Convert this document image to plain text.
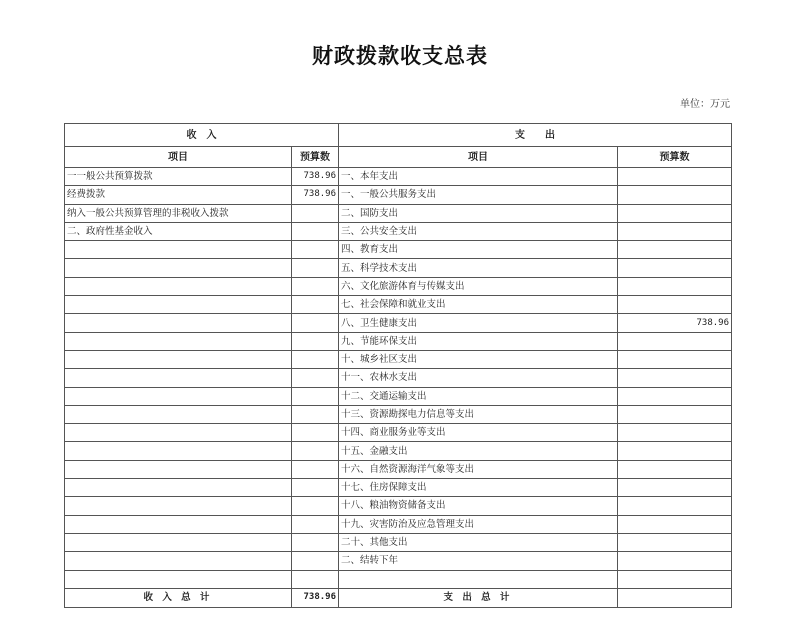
财政拨款收支总表
单位：万元
收　入		支　　出	
项目	预算数	项目	预算数
一一般公共预算拨款	738.96	一、本年支出	
经费拨款	738.96	一、一般公共服务支出	
纳入一般公共预算管理的非税收入拨款		二、国防支出	
二、政府性基金收入		三、公共安全支出	
		四、教育支出	
		五、科学技术支出	
		六、文化旅游体育与传媒支出	
		七、社会保障和就业支出	
		八、卫生健康支出	738.96
		九、节能环保支出	
		十、城乡社区支出	
		十一、农林水支出	
		十二、交通运输支出	
		十三、资源勘探电力信息等支出	
		十四、商业服务业等支出	
		十五、金融支出	
		十六、自然资源海洋气象等支出	
		十七、住房保障支出	
		十八、粮油物资储备支出	
		十九、灾害防治及应急管理支出	
		二十、其他支出	
		二、结转下年	

收 入 总 计	738.96	支 出 总 计	
